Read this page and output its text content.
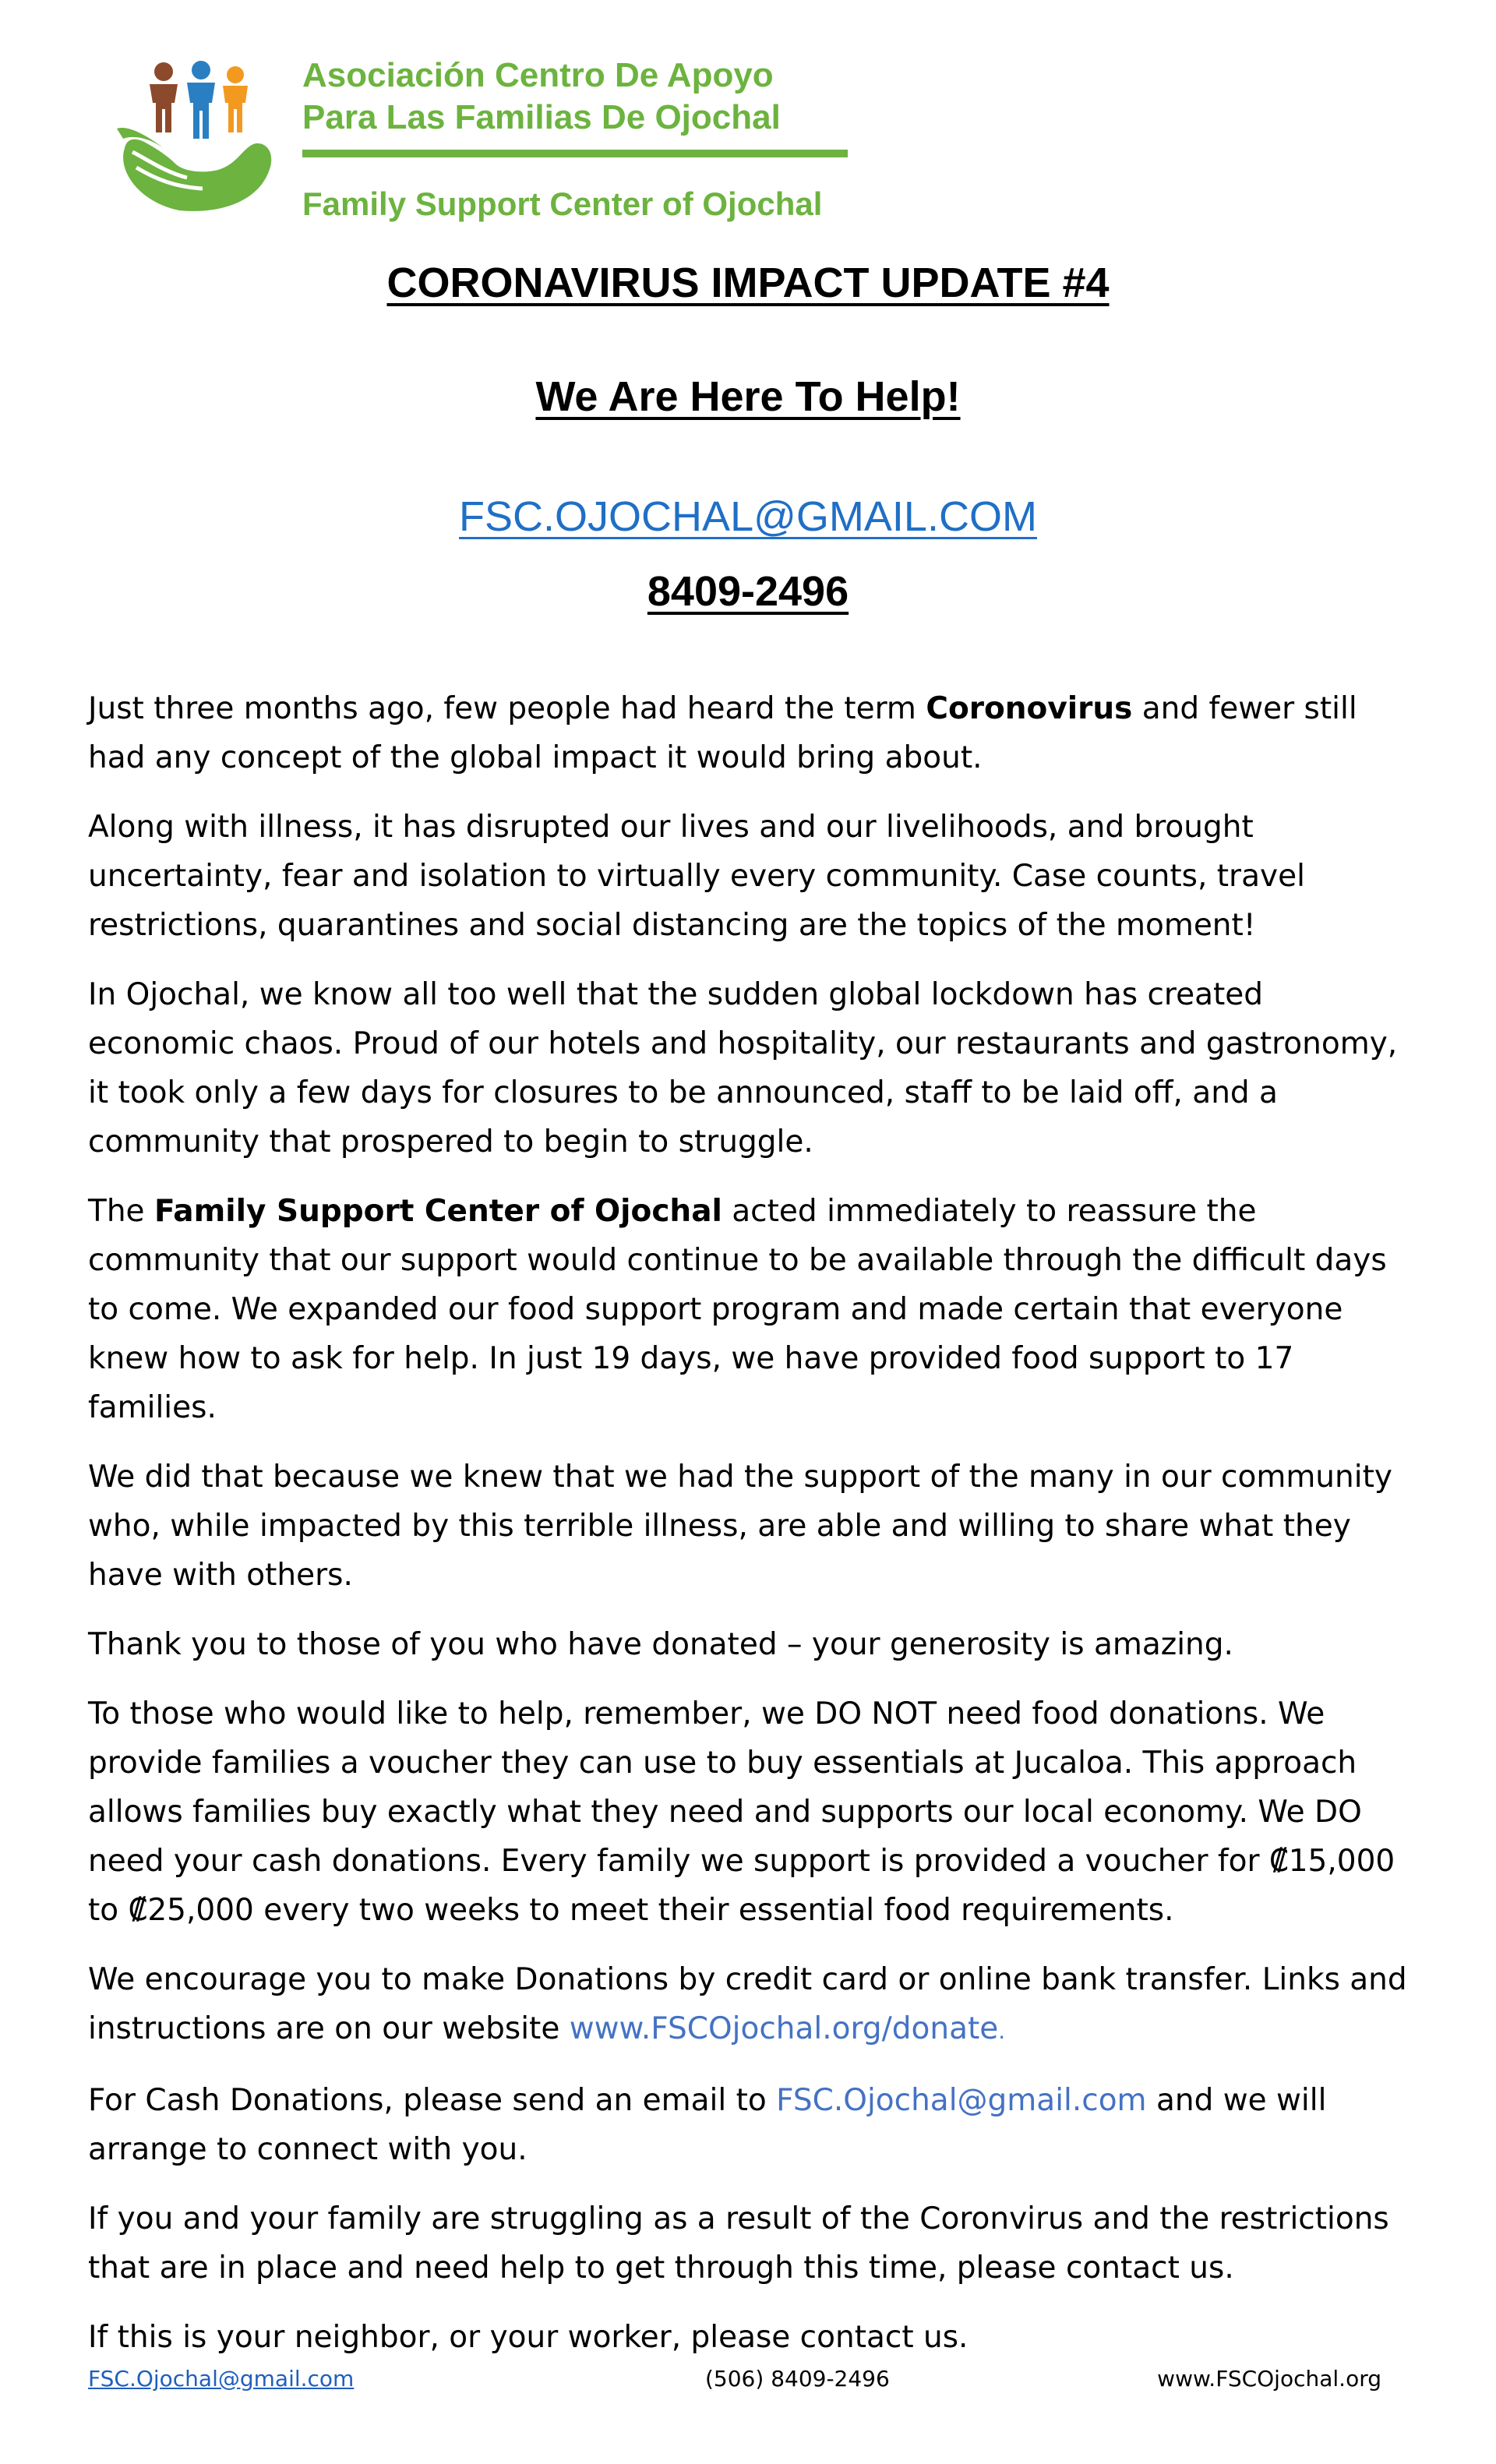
Asociación Centro De Apoyo
Para Las Familias De Ojochal
Family Support Center of Ojochal
CORONAVIRUS IMPACT UPDATE #4
We Are Here To Help!
FSC.OJOCHAL@GMAIL.COM
8409-2496

Just three months ago, few people had heard the term Coronovirus and fewer still had any concept of the global impact it would bring about.

Along with illness, it has disrupted our lives and our livelihoods, and brought uncertainty, fear and isolation to virtually every community. Case counts, travel restrictions, quarantines and social distancing are the topics of the moment!

In Ojochal, we know all too well that the sudden global lockdown has created economic chaos. Proud of our hotels and hospitality, our restaurants and gastronomy, it took only a few days for closures to be announced, staff to be laid off, and a community that prospered to begin to struggle.

The Family Support Center of Ojochal acted immediately to reassure the community that our support would continue to be available through the difficult days to come. We expanded our food support program and made certain that everyone knew how to ask for help. In just 19 days, we have provided food support to 17 families.

We did that because we knew that we had the support of the many in our community who, while impacted by this terrible illness, are able and willing to share what they have with others.

Thank you to those of you who have donated – your generosity is amazing.

To those who would like to help, remember, we DO NOT need food donations. We provide families a voucher they can use to buy essentials at Jucaloa. This approach allows families buy exactly what they need and supports our local economy. We DO need your cash donations. Every family we support is provided a voucher for ₡15,000 to ₡25,000 every two weeks to meet their essential food requirements.

We encourage you to make Donations by credit card or online bank transfer. Links and instructions are on our website www.FSCOjochal.org/donate.

For Cash Donations, please send an email to FSC.Ojochal@gmail.com and we will arrange to connect with you.

If you and your family are struggling as a result of the Coronvirus and the restrictions that are in place and need help to get through this time, please contact us.

If this is your neighbor, or your worker, please contact us.

FSC.Ojochal@gmail.com	(506) 8409-2496	www.FSCOjochal.org
